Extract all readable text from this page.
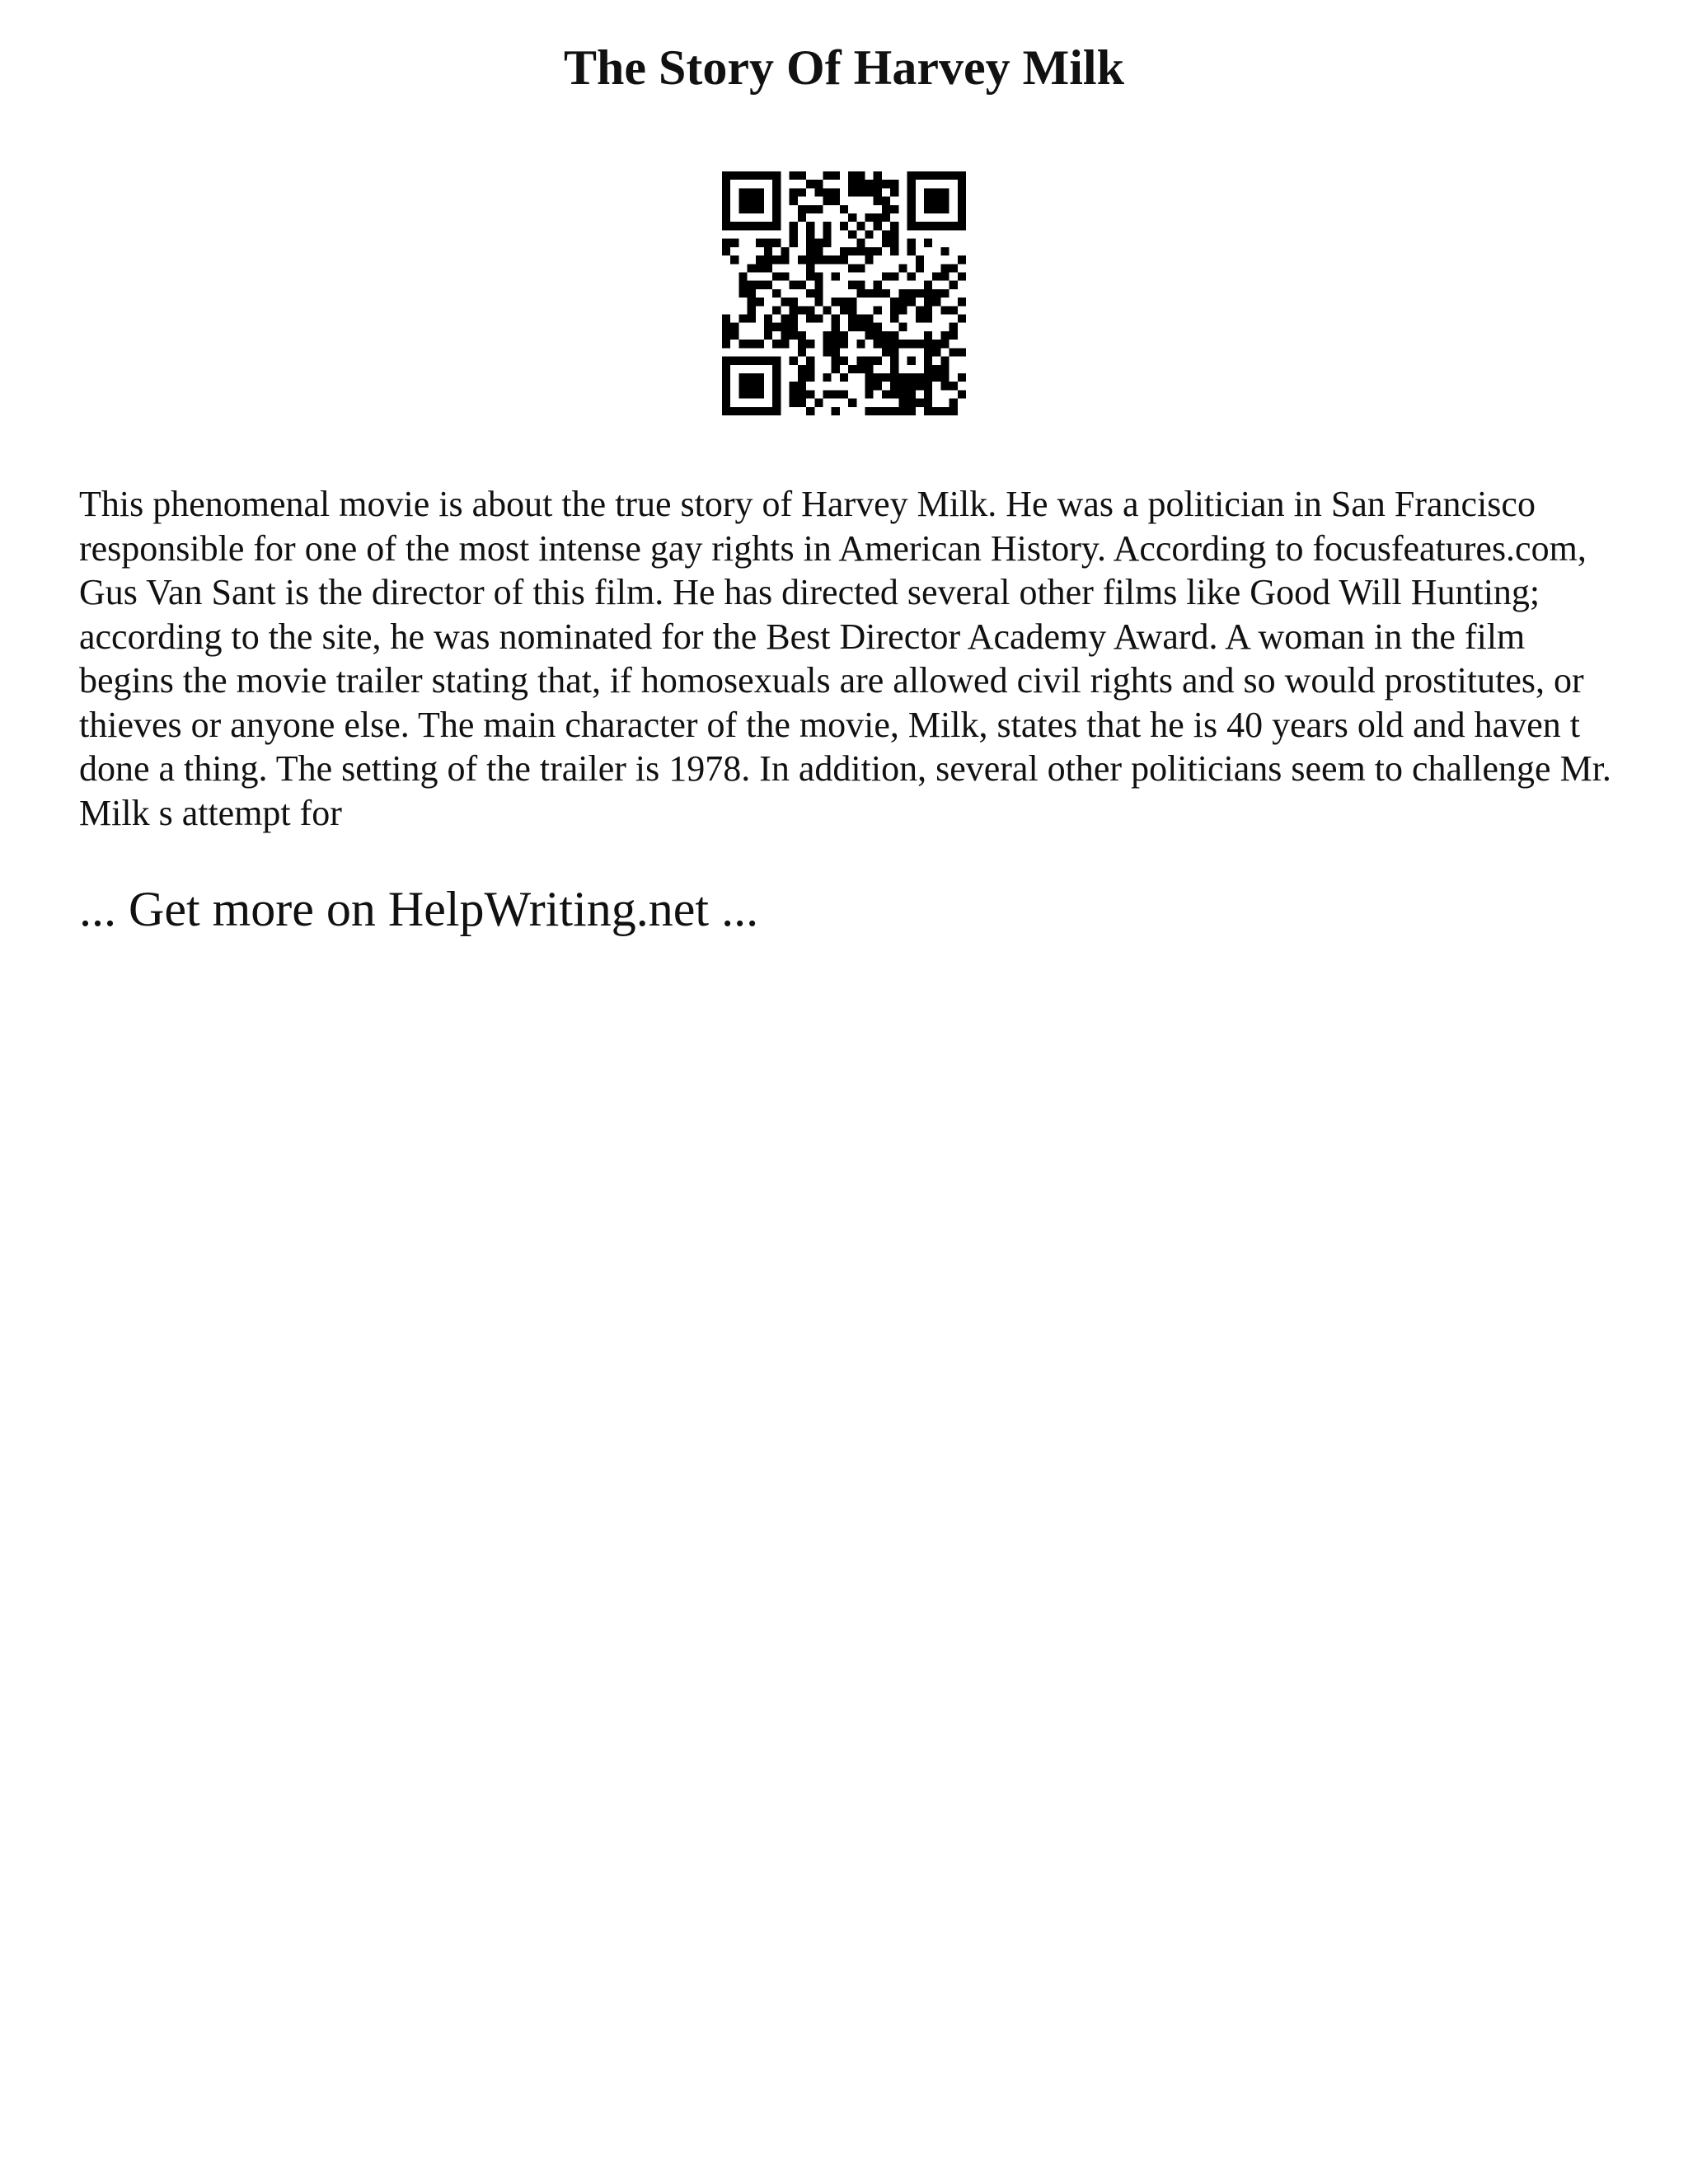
The Story Of Harvey Milk

This phenomenal movie is about the true story of Harvey Milk. He was a politician in San Francisco responsible for one of the most intense gay rights in American History. According to focusfeatures.com, Gus Van Sant is the director of this film. He has directed several other films like Good Will Hunting; according to the site, he was nominated for the Best Director Academy Award. A woman in the film begins the movie trailer stating that, if homosexuals are allowed civil rights and so would prostitutes, or thieves or anyone else. The main character of the movie, Milk, states that he is 40 years old and haven t done a thing. The setting of the trailer is 1978. In addition, several other politicians seem to challenge Mr. Milk s attempt for

... Get more on HelpWriting.net ...
